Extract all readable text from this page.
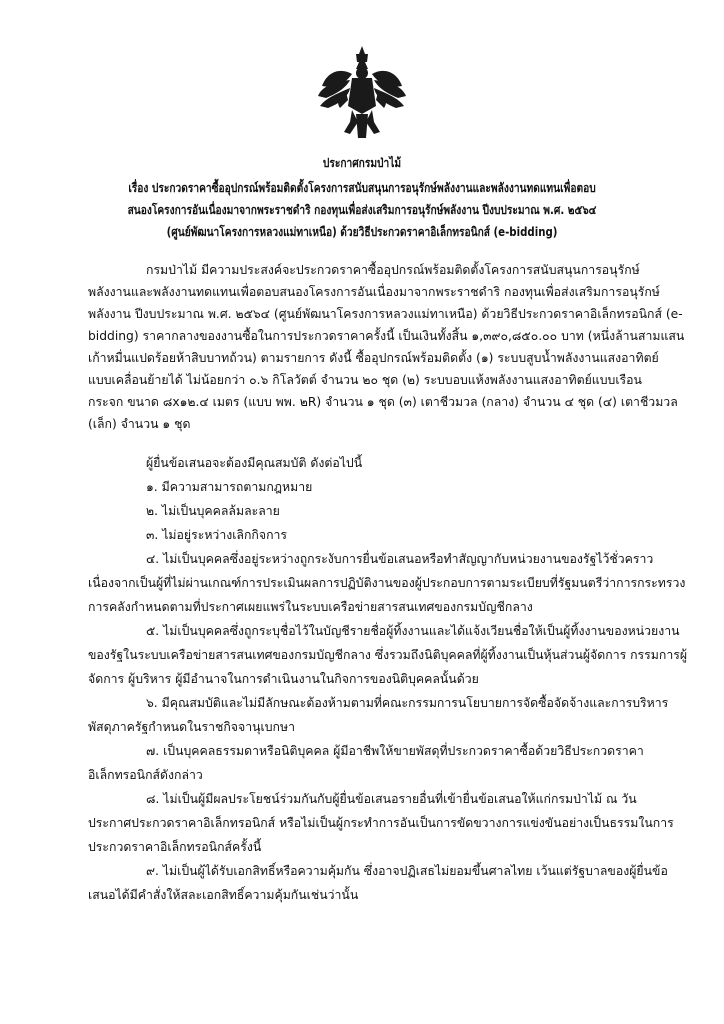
ประกาศกรมป่าไม้
เรื่อง ประกวดราคาซื้ออุปกรณ์พร้อมติดตั้งโครงการสนับสนุนการอนุรักษ์พลังงานและพลังงานทดแทนเพื่อตอบ
สนองโครงการอันเนื่องมาจากพระราชดำริ กองทุนเพื่อส่งเสริมการอนุรักษ์พลังงาน ปีงบประมาณ พ.ศ. ๒๕๖๔
(ศูนย์พัฒนาโครงการหลวงแม่ทาเหนือ) ด้วยวิธีประกวดราคาอิเล็กทรอนิกส์ (e-bidding)
กรมป่าไม้ มีความประสงค์จะประกวดราคาซื้ออุปกรณ์พร้อมติดตั้งโครงการสนับสนุนการอนุรักษ์
พลังงานและพลังงานทดแทนเพื่อตอบสนองโครงการอันเนื่องมาจากพระราชดำริ กองทุนเพื่อส่งเสริมการอนุรักษ์
พลังงาน ปีงบประมาณ พ.ศ. ๒๕๖๔ (ศูนย์พัฒนาโครงการหลวงแม่ทาเหนือ) ด้วยวิธีประกวดราคาอิเล็กทรอนิกส์ (e-
bidding) ราคากลางของงานซื้อในการประกวดราคาครั้งนี้ เป็นเงินทั้งสิ้น ๑,๓๙๐,๘๕๐.๐๐ บาท (หนึ่งล้านสามแสน
เก้าหมื่นแปดร้อยห้าสิบบาทถ้วน) ตามรายการ ดังนี้ ซื้ออุปกรณ์พร้อมติดตั้ง (๑) ระบบสูบน้ำพลังงานแสงอาทิตย์
แบบเคลื่อนย้ายได้ ไม่น้อยกว่า ๐.๖ กิโลวัตต์ จำนวน ๒๐ ชุด (๒) ระบบอบแห้งพลังงานแสงอาทิตย์แบบเรือน
กระจก ขนาด ๘x๑๒.๔ เมตร (แบบ พพ. ๒R) จำนวน ๑ ชุด (๓) เตาชีวมวล (กลาง) จำนวน ๔ ชุด (๔) เตาชีวมวล
(เล็ก) จำนวน ๑ ชุด
ผู้ยื่นข้อเสนอจะต้องมีคุณสมบัติ ดังต่อไปนี้
๑. มีความสามารถตามกฎหมาย
๒. ไม่เป็นบุคคลล้มละลาย
๓. ไม่อยู่ระหว่างเลิกกิจการ
๔. ไม่เป็นบุคคลซึ่งอยู่ระหว่างถูกระงับการยื่นข้อเสนอหรือทำสัญญากับหน่วยงานของรัฐไว้ชั่วคราว
เนื่องจากเป็นผู้ที่ไม่ผ่านเกณฑ์การประเมินผลการปฏิบัติงานของผู้ประกอบการตามระเบียบที่รัฐมนตรีว่าการกระทรวง
การคลังกำหนดตามที่ประกาศเผยแพร่ในระบบเครือข่ายสารสนเทศของกรมบัญชีกลาง
๕. ไม่เป็นบุคคลซึ่งถูกระบุชื่อไว้ในบัญชีรายชื่อผู้ทิ้งงานและได้แจ้งเวียนชื่อให้เป็นผู้ทิ้งงานของหน่วยงาน
ของรัฐในระบบเครือข่ายสารสนเทศของกรมบัญชีกลาง ซึ่งรวมถึงนิติบุคคลที่ผู้ทิ้งงานเป็นหุ้นส่วนผู้จัดการ กรรมการผู้
จัดการ ผู้บริหาร ผู้มีอำนาจในการดำเนินงานในกิจการของนิติบุคคลนั้นด้วย
๖. มีคุณสมบัติและไม่มีลักษณะต้องห้ามตามที่คณะกรรมการนโยบายการจัดซื้อจัดจ้างและการบริหาร
พัสดุภาครัฐกำหนดในราชกิจจานุเบกษา
๗. เป็นบุคคลธรรมดาหรือนิติบุคคล ผู้มีอาชีพให้ขายพัสดุที่ประกวดราคาซื้อด้วยวิธีประกวดราคา
อิเล็กทรอนิกส์ดังกล่าว
๘. ไม่เป็นผู้มีผลประโยชน์ร่วมกันกับผู้ยื่นข้อเสนอรายอื่นที่เข้ายื่นข้อเสนอให้แก่กรมป่าไม้ ณ วัน
ประกาศประกวดราคาอิเล็กทรอนิกส์ หรือไม่เป็นผู้กระทำการอันเป็นการขัดขวางการแข่งขันอย่างเป็นธรรมในการ
ประกวดราคาอิเล็กทรอนิกส์ครั้งนี้
๙. ไม่เป็นผู้ได้รับเอกสิทธิ์หรือความคุ้มกัน ซึ่งอาจปฏิเสธไม่ยอมขึ้นศาลไทย เว้นแต่รัฐบาลของผู้ยื่นข้อ
เสนอได้มีคำสั่งให้สละเอกสิทธิ์ความคุ้มกันเช่นว่านั้น
